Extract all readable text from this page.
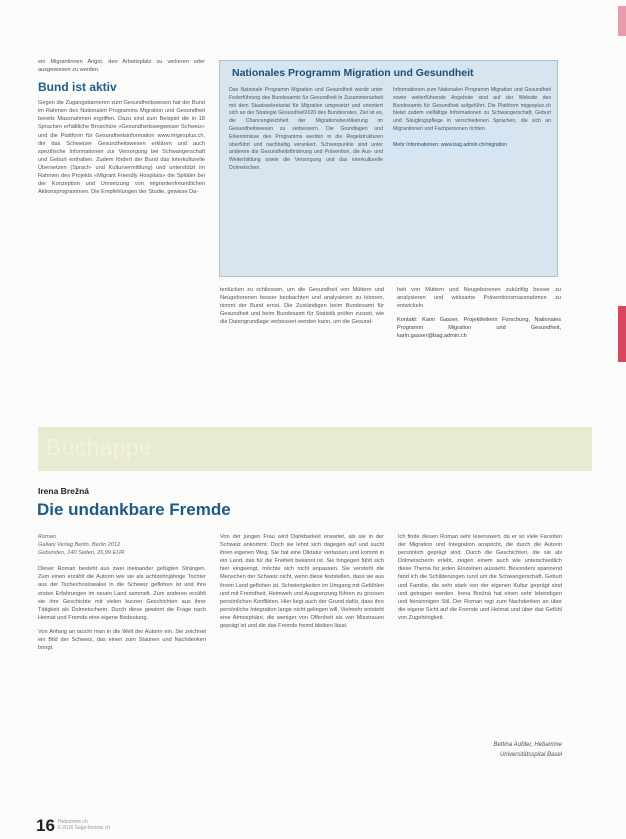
ein Migrantinnen Angst, den Arbeitsplatz zu verlieren oder ausgewiesen zu werden.

Bund ist aktiv

Gegen die Zugangsbarrieren zum Gesundheitswesen hat der Bund im Rahmen des Nationalen Programms Migration und Gesundheit bereits Massnahmen ergriffen. Dazu sind zum Beispiel die in 18 Sprachen erhältliche Broschüre «Gesundheitswegweiser Schweiz» und die Plattform für Gesundheitsinformation www.migesplus.ch, die das Schweizer Gesundheitswesen erklären und auch spezifische Informationen zur Versorgung bei Schwangerschaft und Geburt enthalten. Zudem fördert der Bund das interkulturelle Übersetzen (Sprach- und Kulturvermittlung) und unterstützt im Rahmen des Projekts «Migrant Friendly Hospitals» die Spitäler bei der Konzeption und Umsetzung von migrantenfreundlichen Aktionsprogrammen. Die Empfehlungen der Studie, gewisse Da-

Nationales Programm Migration und Gesundheit
Das Nationale Programm Migration und Gesundheit wurde unter Federführung des Bundesamts für Gesundheit in Zusammenarbeit mit dem Staatssekretariat für Migration umgesetzt und orientiert sich an der Strategie Gesundheit2020 des Bundesrates. Ziel ist es, die Chancengleichheit der Migrationsbevölkerung im Gesundheitswesen zu verbessern. Die Grundlagen und Erkenntnisse des Programms werden in die Regelstrukturen überführt und nachhaltig verankert. Schwerpunkte sind unter anderem die Gesundheitsförderung und Prävention, die Aus- und Weiterbildung sowie die Versorgung und das interkulturelle Dolmetschen.
Informationen zum Nationalen Programm Migration und Gesundheit sowie weiterführende Angebote sind auf der Website des Bundesamts für Gesundheit aufgeführt. Die Plattform migesplus.ch bietet zudem vielfältige Informationen zu Schwangerschaft, Geburt und Säuglingspflege in verschiedenen Sprachen, die sich an Migrantinnen und Fachpersonen richten.
Mehr Informationen: www.bag.admin.ch/migration

tenlücken zu schliessen, um die Gesundheit von Müttern und Neugeborenen besser beobachten und analysieren zu können, nimmt der Bund ernst. Die Zuständigen beim Bundesamt für Gesundheit und beim Bundesamt für Statistik prüfen zurzeit, wie die Datengrundlage verbessert werden kann, um die Gesund-

heit von Müttern und Neugeborenen zukünftig besser zu analysieren und wirksame Präventionsmassnahmen zu entwickeln.

Kontakt: Karin Gasser, Projektleiterin Forschung, Nationales Programm Migration und Gesundheit, karin.gasser@bag.admin.ch

Büchappe
Irena Brežná
Die undankbare Fremde
Roman
Galiani Verlag Berlin, Berlin 2012
Gebunden, 140 Seiten, 26,99 EUR

Dieser Roman besteht aus zwei ineinander gefügten Strängen. Zum einen erzählt die Autorin wie sie als achtzehnjährige Tochter aus der Tschechoslowakei in die Schweiz geflohen ist und ihre ersten Erfahrungen im neuen Land sammelt. Zum anderen erzählt sie ihre Geschichte mit vielen kurzen Geschichten aus ihrer Tätigkeit als Dolmetscherin. Durch diese gewinnt die Frage nach Heimat und Fremde eine eigene Bedeutung.

Von Anfang an taucht man in die Welt der Autorin ein. Sie zeichnet ein Bild der Schweiz, das einen zum Staunen und Nachdenken bringt.

Von der jungen Frau wird Dankbarkeit erwartet, als sie in der Schweiz ankommt. Doch sie lehnt sich dagegen auf und sucht ihren eigenen Weg. Sie hat eine Diktatur verlassen und kommt in ein Land, das für die Freiheit bekannt ist. Sie hingegen fühlt sich hier eingeengt, möchte sich nicht anpassen. Sie versteht die Menschen der Schweiz nicht, wenn diese feststellen, dass sie aus ihrem Land geflohen ist. Schwierigkeiten im Umgang mit Gefühlen und mit Fremdheit, Heimweh und Ausgrenzung führen zu grossen persönlichen Konflikten. Hier liegt auch der Grund dafür, dass ihre persönliche Integration lange nicht gelingen will. Vielmehr entsteht eine Atmosphäre, die weniger von Offenheit als von Misstrauen geprägt ist und die das Fremde fremd bleiben lässt.

Ich finde diesen Roman sehr lesenswert, da er so viele Facetten der Migration und Integration anspricht, die durch die Autorin persönlich geprägt sind. Durch die Geschichten, die sie als Dolmetscherin erlebt, zeigen einem auch wie unterschiedlich diese Thema für jeden Einzelnen aussieht. Besonders spannend fand ich die Schilderungen rund um die Schwangerschaft, Geburt und Familie, die sehr stark von der eigenen Kultur geprägt sind und getragen werden. Irena Brežná hat einen sehr lebendigen und feinsinnigen Stil. Der Roman regt zum Nachdenken an über die eigene Sicht auf die Fremde und Heimat und über das Gefühl von Zugehörigkeit.

Bettina Aufder, Hebamme
Universitätsspital Basel
16 Hebamme.ch
6 2016 Sage-femme.ch
